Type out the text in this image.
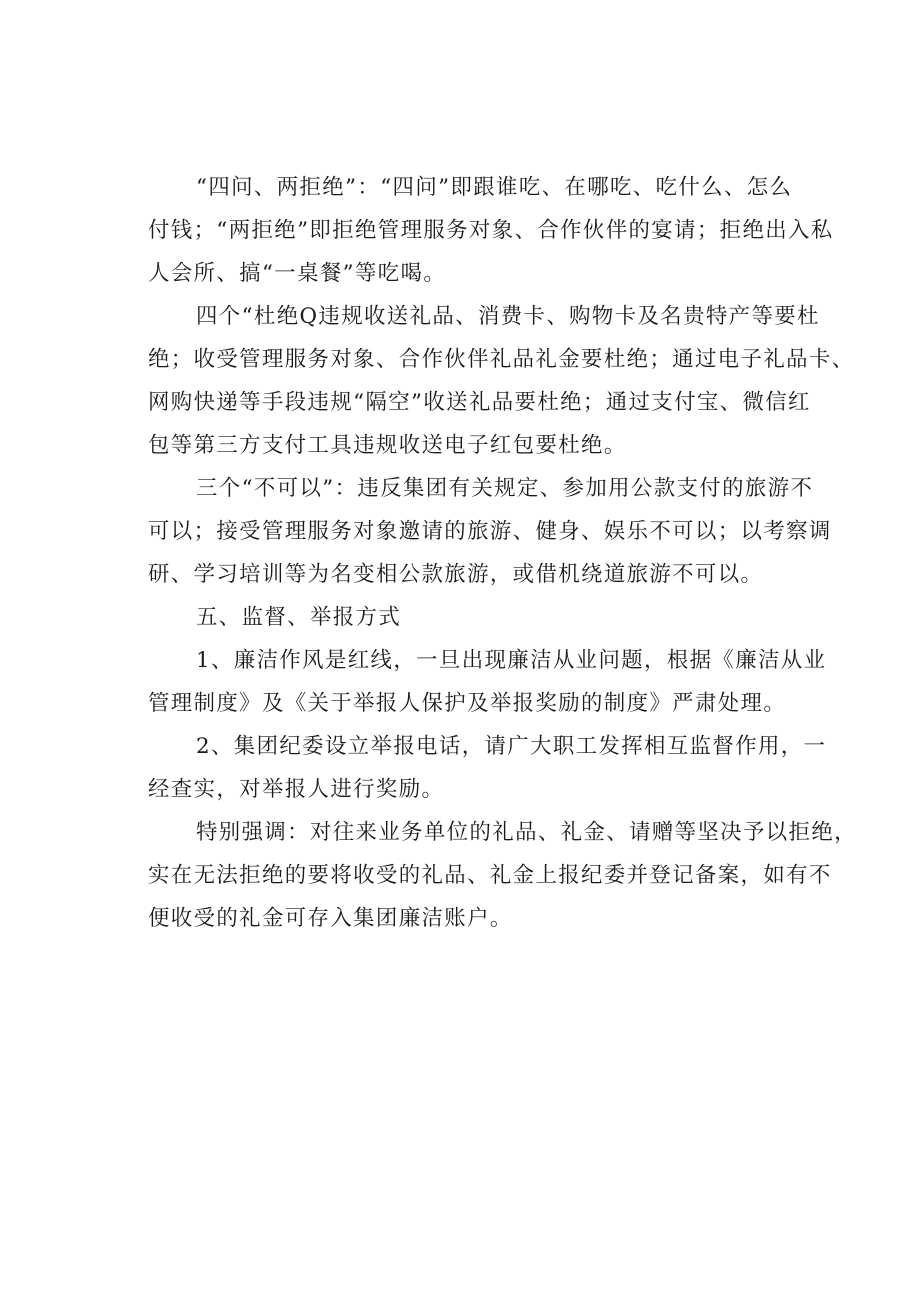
“四问、两拒绝”：“四问”即跟谁吃、在哪吃、吃什么、怎么
付钱；“两拒绝”即拒绝管理服务对象、合作伙伴的宴请；拒绝出入私
人会所、搞“一桌餐”等吃喝。
四个“杜绝Q违规收送礼品、消费卡、购物卡及名贵特产等要杜
绝；收受管理服务对象、合作伙伴礼品礼金要杜绝；通过电子礼品卡、
网购快递等手段违规“隔空”收送礼品要杜绝；通过支付宝、微信红
包等第三方支付工具违规收送电子红包要杜绝。
三个“不可以”：违反集团有关规定、参加用公款支付的旅游不
可以；接受管理服务对象邀请的旅游、健身、娱乐不可以；以考察调
研、学习培训等为名变相公款旅游，或借机绕道旅游不可以。
五、监督、举报方式
1、廉洁作风是红线，一旦出现廉洁从业问题，根据《廉洁从业
管理制度》及《关于举报人保护及举报奖励的制度》严肃处理。
2、集团纪委设立举报电话，请广大职工发挥相互监督作用，一
经查实，对举报人进行奖励。
特别强调：对往来业务单位的礼品、礼金、请赠等坚决予以拒绝，
实在无法拒绝的要将收受的礼品、礼金上报纪委并登记备案，如有不
便收受的礼金可存入集团廉洁账户。
